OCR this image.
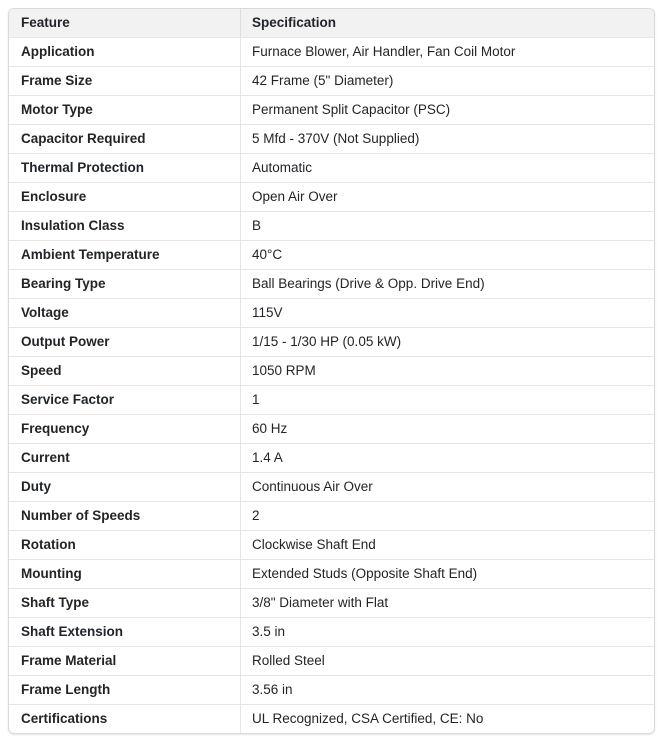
Feature	Specification
Application	Furnace Blower, Air Handler, Fan Coil Motor
Frame Size	42 Frame (5" Diameter)
Motor Type	Permanent Split Capacitor (PSC)
Capacitor Required	5 Mfd - 370V (Not Supplied)
Thermal Protection	Automatic
Enclosure	Open Air Over
Insulation Class	B
Ambient Temperature	40°C
Bearing Type	Ball Bearings (Drive & Opp. Drive End)
Voltage	115V
Output Power	1/15 - 1/30 HP (0.05 kW)
Speed	1050 RPM
Service Factor	1
Frequency	60 Hz
Current	1.4 A
Duty	Continuous Air Over
Number of Speeds	2
Rotation	Clockwise Shaft End
Mounting	Extended Studs (Opposite Shaft End)
Shaft Type	3/8" Diameter with Flat
Shaft Extension	3.5 in
Frame Material	Rolled Steel
Frame Length	3.56 in
Certifications	UL Recognized, CSA Certified, CE: No
